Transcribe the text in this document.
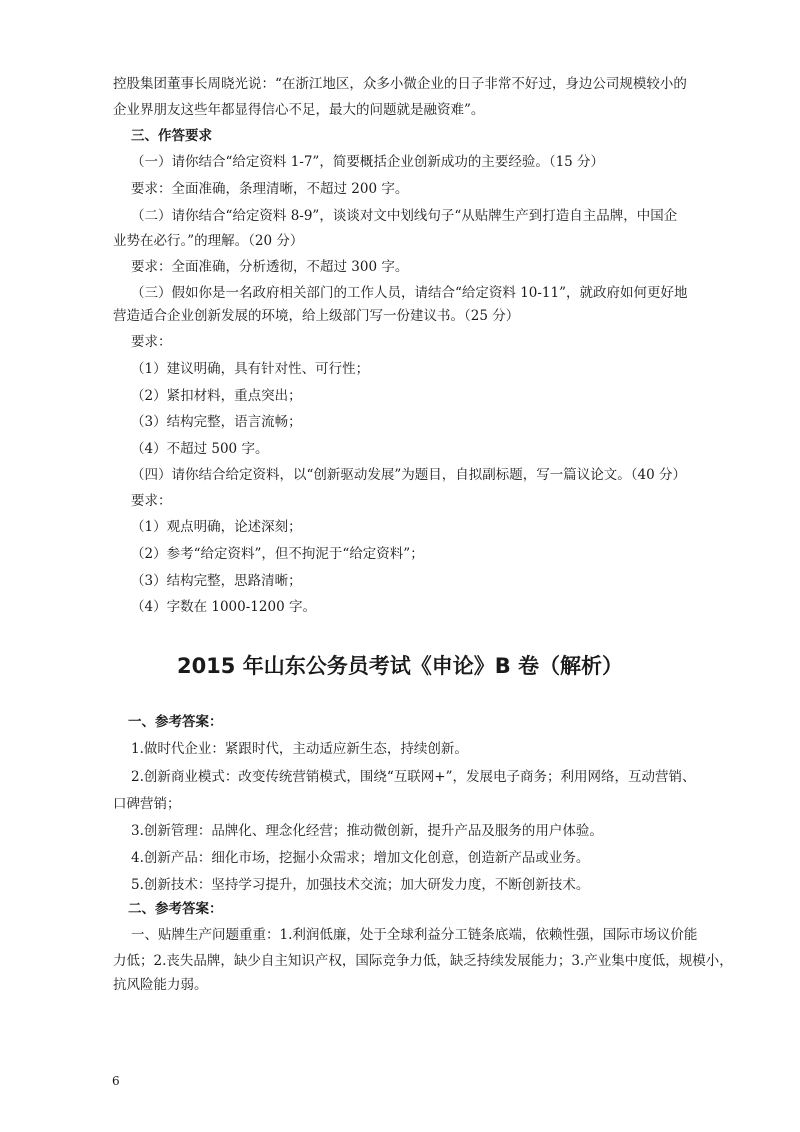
控股集团董事长周晓光说：“在浙江地区，众多小微企业的日子非常不好过，身边公司规模较小的
企业界朋友这些年都显得信心不足，最大的问题就是融资难”。
三、作答要求
（一）请你结合“给定资料 1-7”，简要概括企业创新成功的主要经验。（15 分）
要求：全面准确，条理清晰，不超过 200 字。
（二）请你结合“给定资料 8-9”，谈谈对文中划线句子“从贴牌生产到打造自主品牌，中国企
业势在必行。”的理解。（20 分）
要求：全面准确，分析透彻，不超过 300 字。
（三）假如你是一名政府相关部门的工作人员，请结合“给定资料 10-11”，就政府如何更好地
营造适合企业创新发展的环境，给上级部门写一份建议书。（25 分）
要求：
（1）建议明确，具有针对性、可行性；
（2）紧扣材料，重点突出；
（3）结构完整，语言流畅；
（4）不超过 500 字。
（四）请你结合给定资料，以“创新驱动发展”为题目，自拟副标题，写一篇议论文。（40 分）
要求：
（1）观点明确，论述深刻；
（2）参考“给定资料”，但不拘泥于“给定资料”；
（3）结构完整，思路清晰；
（4）字数在 1000-1200 字。
2015 年山东公务员考试《申论》B 卷（解析）
一、参考答案：
1.做时代企业：紧跟时代，主动适应新生态，持续创新。
2.创新商业模式：改变传统营销模式，围绕“互联网+”，发展电子商务；利用网络，互动营销、
口碑营销；
3.创新管理：品牌化、理念化经营；推动微创新，提升产品及服务的用户体验。
4.创新产品：细化市场，挖掘小众需求；增加文化创意，创造新产品或业务。
5.创新技术：坚持学习提升，加强技术交流；加大研发力度，不断创新技术。
二、参考答案：
一、贴牌生产问题重重：1.利润低廉，处于全球利益分工链条底端，依赖性强，国际市场议价能
力低；2.丧失品牌，缺少自主知识产权，国际竞争力低，缺乏持续发展能力；3.产业集中度低，规模小，
抗风险能力弱。
6
